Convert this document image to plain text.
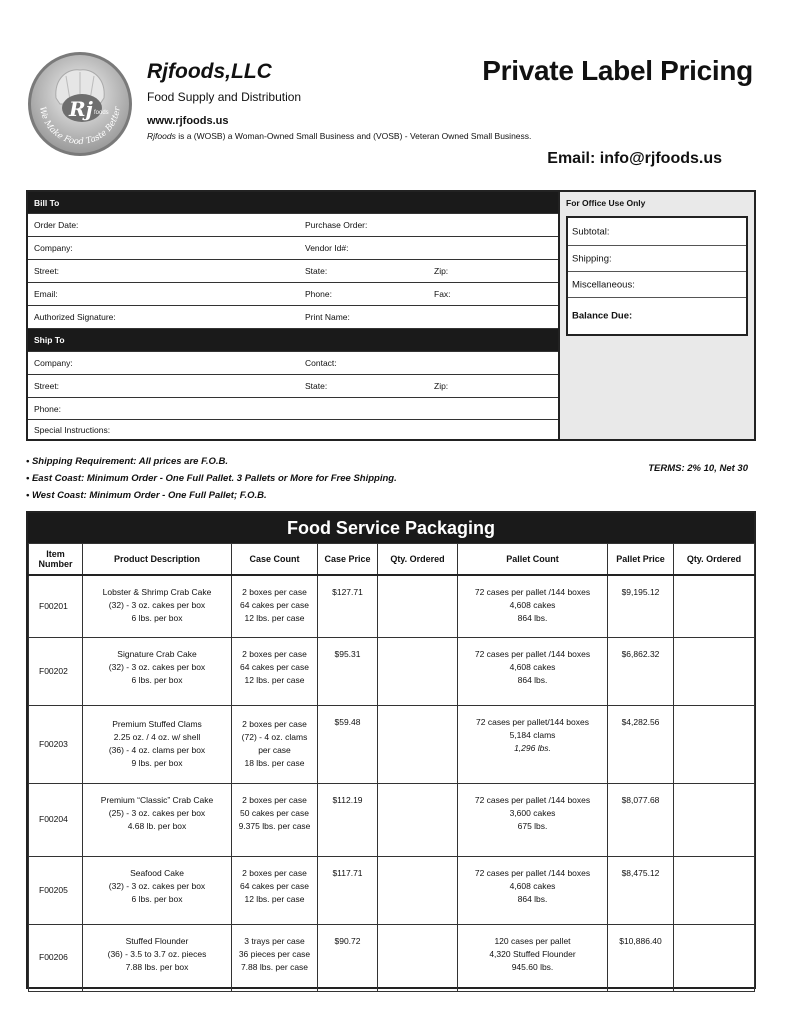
Rj foods
We Make Food Taste Better
Rjfoods,LLC
Food Supply and Distribution
www.rjfoods.us
Rjfoods is a (WOSB) a Woman-Owned Small Business and (VOSB) - Veteran Owned Small Business.
Private Label Pricing
Email: info@rjfoods.us
Bill To
Order Date:	Purchase Order:
Company:	Vendor Id#:
Street:	State:	Zip:
Email:	Phone:	Fax:
Authorized Signature:	Print Name:
Ship To
Company:	Contact:
Street:	State:	Zip:
Phone:
Special Instructions:
For Office Use Only
Subtotal:
Shipping:
Miscellaneous:
Balance Due:
• Shipping Requirement: All prices are F.O.B.
• East Coast: Minimum Order - One Full Pallet. 3 Pallets or More for Free Shipping.
• West Coast: Minimum Order - One Full Pallet; F.O.B.
TERMS: 2% 10, Net 30
Food Service Packaging
Item
Number	Product Description	Case Count	Case Price	Qty. Ordered	Pallet Count	Pallet Price	Qty. Ordered

F00201	Lobster & Shrimp Crab Cake
(32) - 3 oz. cakes per box
6 lbs. per box	2 boxes per case
64 cakes per case
12 lbs. per case	$127.71		72 cases per pallet /144 boxes
4,608 cakes
864 lbs.	$9,195.12	
F00202	Signature Crab Cake
(32) - 3 oz. cakes per box
6 lbs. per box	2 boxes per case
64 cakes per case
12 lbs. per case	$95.31		72 cases per pallet /144 boxes
4,608 cakes
864 lbs.	$6,862.32	
F00203	Premium Stuffed Clams
2.25 oz. / 4 oz. w/ shell
(36) - 4 oz. clams per box
9 lbs. per box	2 boxes per case
(72) - 4 oz. clams
per case
18 lbs. per case	$59.48		72 cases per pallet/144 boxes
5,184 clams
1,296 lbs.	$4,282.56	
F00204	Premium “Classic” Crab Cake
(25) - 3 oz. cakes per box
4.68 lb. per box	2 boxes per case
50 cakes per case
9.375 lbs. per case	$112.19		72 cases per pallet /144 boxes
3,600 cakes
675 lbs.	$8,077.68	
F00205	Seafood Cake
(32) - 3 oz. cakes per box
6 lbs. per box	2 boxes per case
64 cakes per case
12 lbs. per case	$117.71		72 cases per pallet /144 boxes
4,608 cakes
864 lbs.	$8,475.12	
F00206	Stuffed Flounder
(36) - 3.5 to 3.7 oz. pieces
7.88 lbs. per box	3 trays per case
36 pieces per case
7.88 lbs. per case	$90.72		120 cases per pallet
4,320 Stuffed Flounder
945.60 lbs.	$10,886.40	
